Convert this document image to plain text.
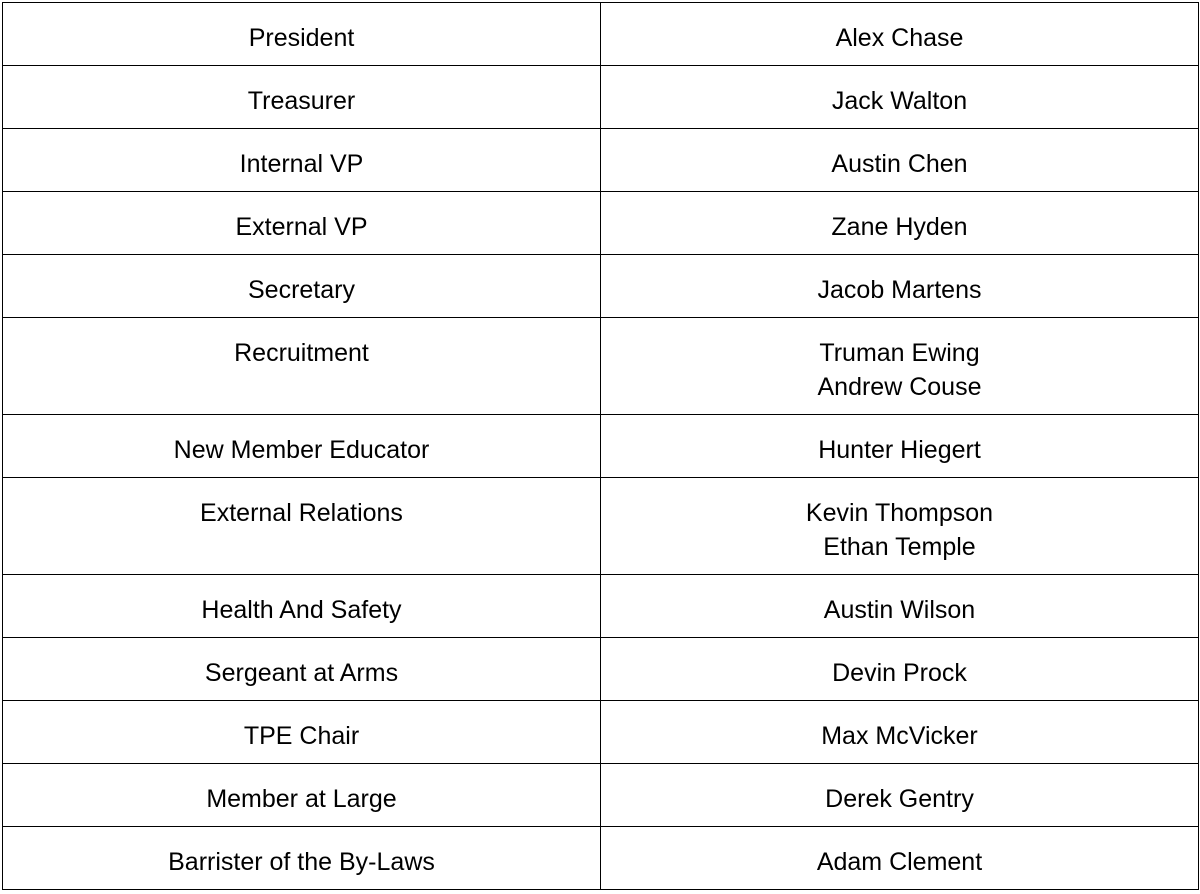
President	Alex Chase

Treasurer	Jack Walton

Internal VP	Austin Chen

External VP	Zane Hyden

Secretary	Jacob Martens

Recruitment	Truman Ewing
Andrew Couse

New Member Educator	Hunter Hiegert

External Relations	Kevin Thompson
Ethan Temple

Health And Safety	Austin Wilson

Sergeant at Arms	Devin Prock

TPE Chair	Max McVicker

Member at Large	Derek Gentry

Barrister of the By-Laws	Adam Clement
